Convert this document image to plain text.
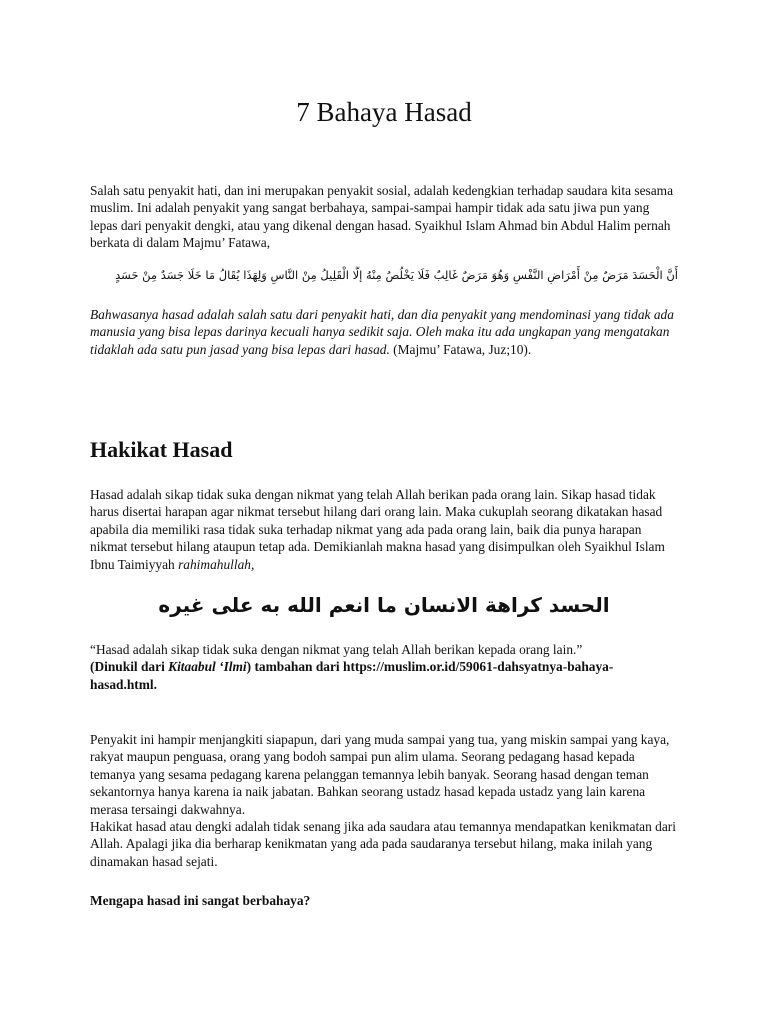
7 Bahaya Hasad

Salah satu penyakit hati, dan ini merupakan penyakit sosial, adalah kedengkian terhadap saudara kita sesama muslim. Ini adalah penyakit yang sangat berbahaya, sampai-sampai hampir tidak ada satu jiwa pun yang lepas dari penyakit dengki, atau yang dikenal dengan hasad. Syaikhul Islam Ahmad bin Abdul Halim pernah berkata di dalam Majmu’ Fatawa,

أَنَّ الْحَسَدَ مَرَضٌ مِنْ أَمْرَاضِ النَّفْسِ وَهُوَ مَرَضٌ غَالِبٌ فَلَا يَخْلُصُ مِنْهُ إلَّا الْقَلِيلُ مِنْ النَّاسِ وَلِهَذَا يُقَالُ مَا خَلَا جَسَدٌ مِنْ حَسَدٍ

Bahwasanya hasad adalah salah satu dari penyakit hati, dan dia penyakit yang mendominasi yang tidak ada manusia yang bisa lepas darinya kecuali hanya sedikit saja. Oleh maka itu ada ungkapan yang mengatakan tidaklah ada satu pun jasad yang bisa lepas dari hasad. (Majmu’ Fatawa, Juz;10).

Hakikat Hasad

Hasad adalah sikap tidak suka dengan nikmat yang telah Allah berikan pada orang lain. Sikap hasad tidak harus disertai harapan agar nikmat tersebut hilang dari orang lain. Maka cukuplah seorang dikatakan hasad apabila dia memiliki rasa tidak suka terhadap nikmat yang ada pada orang lain, baik dia punya harapan nikmat tersebut hilang ataupun tetap ada. Demikianlah makna hasad yang disimpulkan oleh Syaikhul Islam Ibnu Taimiyyah rahimahullah,

الحسد كراهة الانسان ما انعم الله به على غيره

“Hasad adalah sikap tidak suka dengan nikmat yang telah Allah berikan kepada orang lain.”
(Dinukil dari Kitaabul ‘Ilmi) tambahan dari https://muslim.or.id/59061-dahsyatnya-bahaya-hasad.html.

Penyakit ini hampir menjangkiti siapapun, dari yang muda sampai yang tua, yang miskin sampai yang kaya, rakyat maupun penguasa, orang yang bodoh sampai pun alim ulama. Seorang pedagang hasad kepada temanya yang sesama pedagang karena pelanggan temannya lebih banyak. Seorang hasad dengan teman sekantornya hanya karena ia naik jabatan. Bahkan seorang ustadz hasad kepada ustadz yang lain karena merasa tersaingi dakwahnya.
Hakikat hasad atau dengki adalah tidak senang jika ada saudara atau temannya mendapatkan kenikmatan dari Allah. Apalagi jika dia berharap kenikmatan yang ada pada saudaranya tersebut hilang, maka inilah yang dinamakan hasad sejati.

Mengapa hasad ini sangat berbahaya?
